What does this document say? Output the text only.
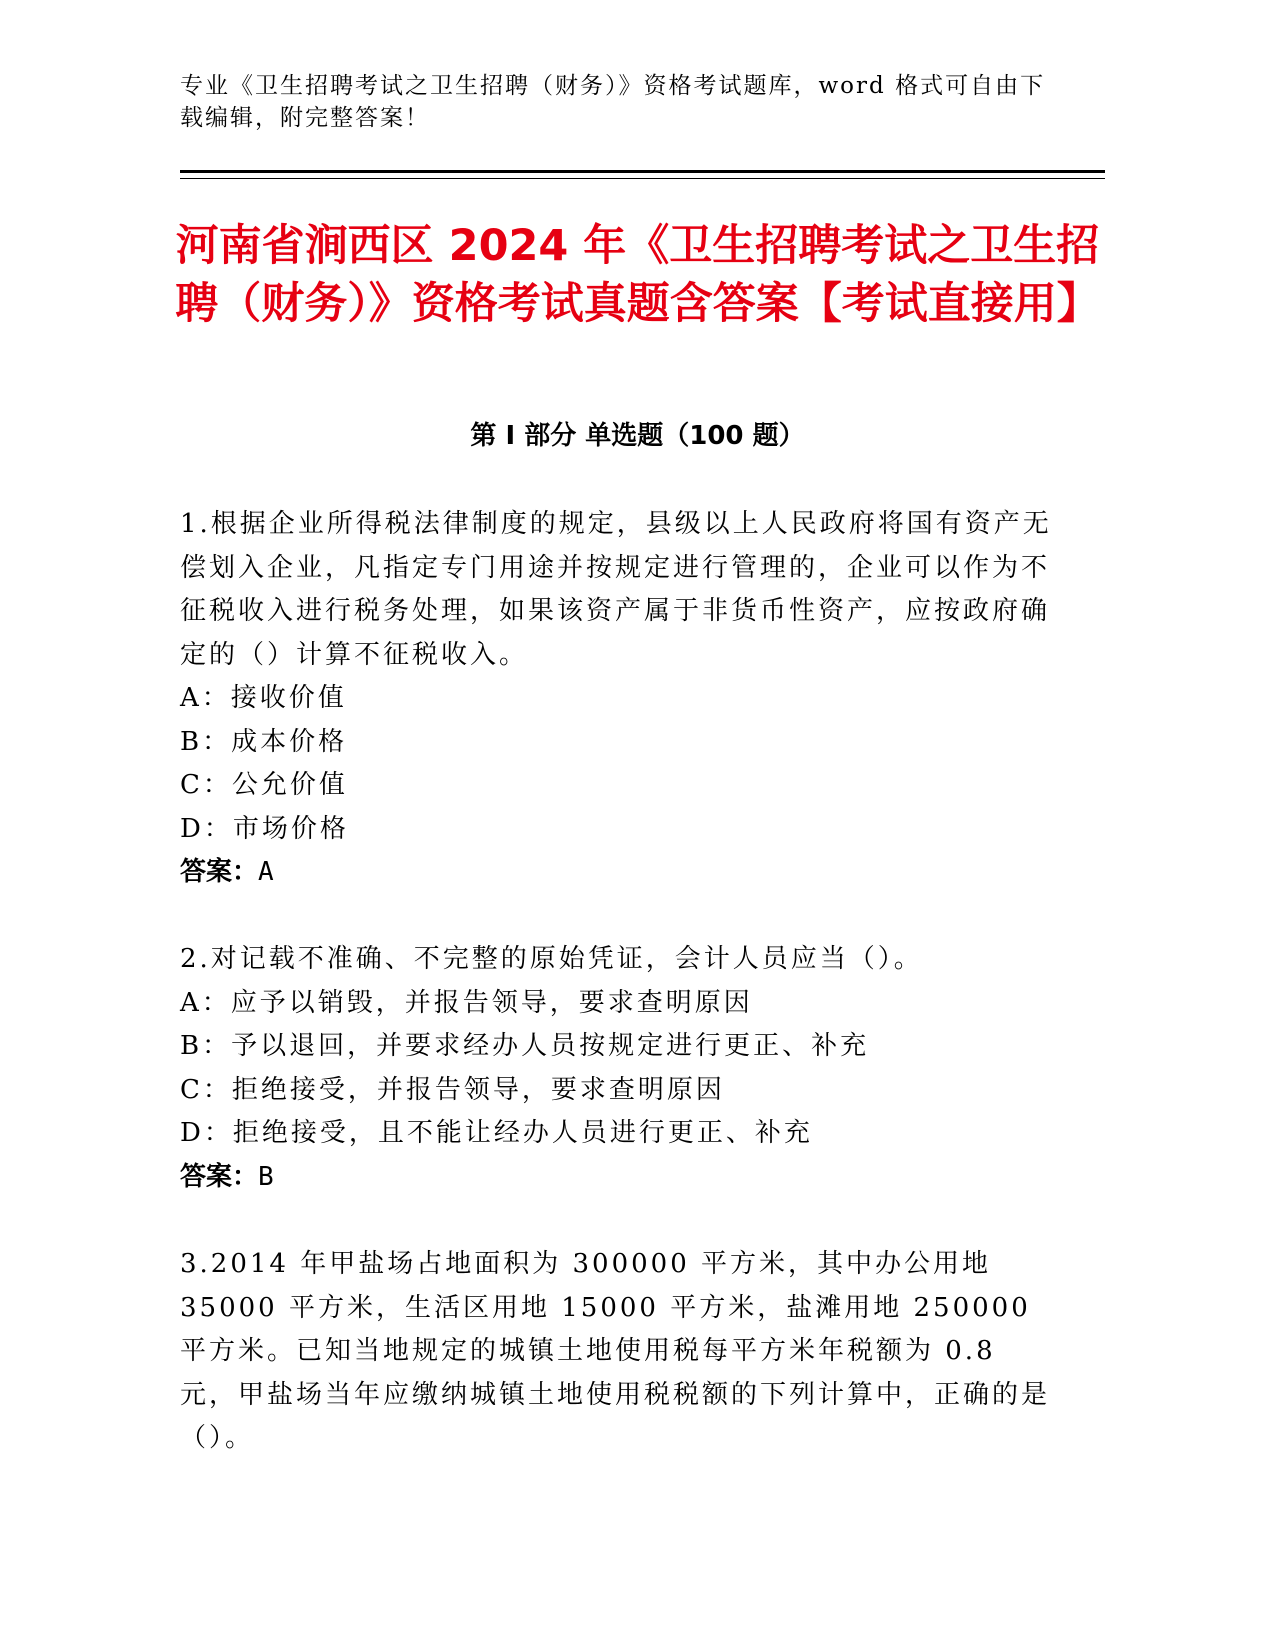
专业《卫生招聘考试之卫生招聘（财务）》资格考试题库，word 格式可自由下载编辑，附完整答案！
河南省涧西区 2024 年《卫生招聘考试之卫生招聘（财务）》资格考试真题含答案【考试直接用】
第 I 部分 单选题（100 题）
1.根据企业所得税法律制度的规定，县级以上人民政府将国有资产无偿划入企业，凡指定专门用途并按规定进行管理的，企业可以作为不征税收入进行税务处理，如果该资产属于非货币性资产，应按政府确定的（）计算不征税收入。
A：接收价值
B：成本价格
C：公允价值
D：市场价格
答案：A
2.对记载不准确、不完整的原始凭证，会计人员应当（）。
A：应予以销毁，并报告领导，要求查明原因
B：予以退回，并要求经办人员按规定进行更正、补充
C：拒绝接受，并报告领导，要求查明原因
D：拒绝接受，且不能让经办人员进行更正、补充
答案：B
3.2014 年甲盐场占地面积为 300000 平方米，其中办公用地 35000 平方米，生活区用地 15000 平方米，盐滩用地 250000 平方米。已知当地规定的城镇土地使用税每平方米年税额为 0.8 元，甲盐场当年应缴纳城镇土地使用税税额的下列计算中，正确的是（）。
